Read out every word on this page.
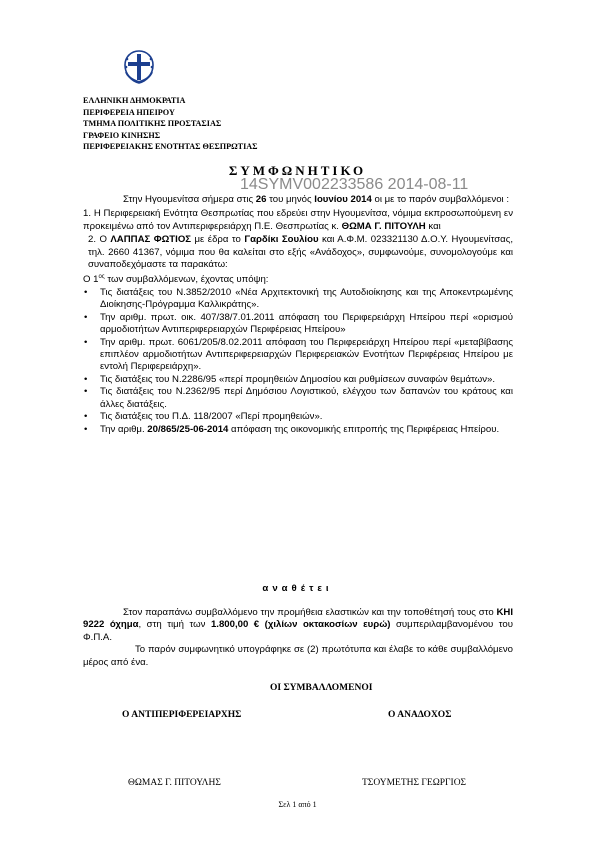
ΕΛΛΗΝΙΚΗ ΔΗΜΟΚΡΑΤΙΑ
ΠΕΡΙΦΕΡΕΙΑ ΗΠΕΙΡΟΥ
ΤΜΗΜΑ ΠΟΛΙΤΙΚΗΣ ΠΡΟΣΤΑΣΙΑΣ
ΓΡΑΦΕΙΟ ΚΙΝΗΣΗΣ
ΠΕΡΙΦΕΡΕΙΑΚΗΣ ΕΝΟΤΗΤΑΣ ΘΕΣΠΡΩΤΙΑΣ
ΣΥΜΦΩΝΗΤΙΚΟ
14SYMV002233586 2014-08-11

Στην Ηγουμενίτσα σήμερα στις 26 του μηνός Ιουνίου 2014 οι με το παρόν συμβαλλόμενοι :

1. Η Περιφερειακή Ενότητα Θεσπρωτίας που εδρεύει στην Ηγουμενίτσα, νόμιμα εκπροσωπούμενη εν προκειμένω από τον Αντιπεριφερειάρχη Π.Ε. Θεσπρωτίας κ. ΘΩΜΑ Γ. ΠΙΤΟΥΛΗ και

2. Ο ΛΑΠΠΑΣ ΦΩΤΙΟΣ με έδρα το Γαρδίκι Σουλίου και Α.Φ.Μ. 023321130 Δ.Ο.Υ. Ηγουμενίτσας, τηλ. 2660 41367, νόμιμα που θα καλείται στο εξής «Ανάδοχος», συμφωνούμε, συνομολογούμε και συναποδεχόμαστε τα παρακάτω:

Ο $1^{o\varsigma}$ των συμβαλλόμενων, έχοντας υπόψη:

• Τις διατάξεις του Ν.3852/2010 «Νέα Αρχιτεκτονική της Αυτοδιοίκησης και της Αποκεντρωμένης Διοίκησης-Πρόγραμμα Καλλικράτης».
• Την αριθμ. πρωτ. οικ. 407/38/7.01.2011 απόφαση του Περιφερειάρχη Ηπείρου περί «ορισμού αρμοδιοτήτων Αντιπεριφερειαρχών Περιφέρειας Ηπείρου»
• Την αριθμ. πρωτ. 6061/205/8.02.2011 απόφαση του Περιφερειάρχη Ηπείρου περί «μεταβίβασης επιπλέον αρμοδιοτήτων Αντιπεριφερειαρχών Περιφερειακών Ενοτήτων Περιφέρειας Ηπείρου με εντολή Περιφερειάρχη».
• Τις διατάξεις του Ν.2286/95 «περί προμηθειών Δημοσίου και ρυθμίσεων συναφών θεμάτων».
• Τις διατάξεις του Ν.2362/95 περί Δημόσιου Λογιστικού, ελέγχου των δαπανών του κράτους και άλλες διατάξεις.
• Τις διατάξεις του Π.Δ. 118/2007 «Περί προμηθειών».
• Την αριθμ. 20/865/25-06-2014 απόφαση της οικονομικής επιτροπής της Περιφέρειας Ηπείρου.
αναθέτει

Στον παραπάνω συμβαλλόμενο την προμήθεια ελαστικών και την τοποθέτησή τους στο ΚΗΙ 9222 όχημα, στη τιμή των 1.800,00 € (χιλίων οκτακοσίων ευρώ) συμπεριλαμβανομένου του Φ.Π.Α.

Το παρόν συμφωνητικό υπογράφηκε σε (2) πρωτότυπα και έλαβε το κάθε συμβαλλόμενο μέρος από ένα.

ΟΙ ΣΥΜΒΑΛΛΟΜΕΝΟΙ
Ο ΑΝΤΙΠΕΡΙΦΕΡΕΙΑΡΧΗΣ	Ο ΑΝΑΔΟΧΟΣ
ΘΩΜΑΣ Γ. ΠΙΤΟΥΛΗΣ	ΤΣΟΥΜΕΤΗΣ ΓΕΩΡΓΙΟΣ
Σελ 1 από 1
